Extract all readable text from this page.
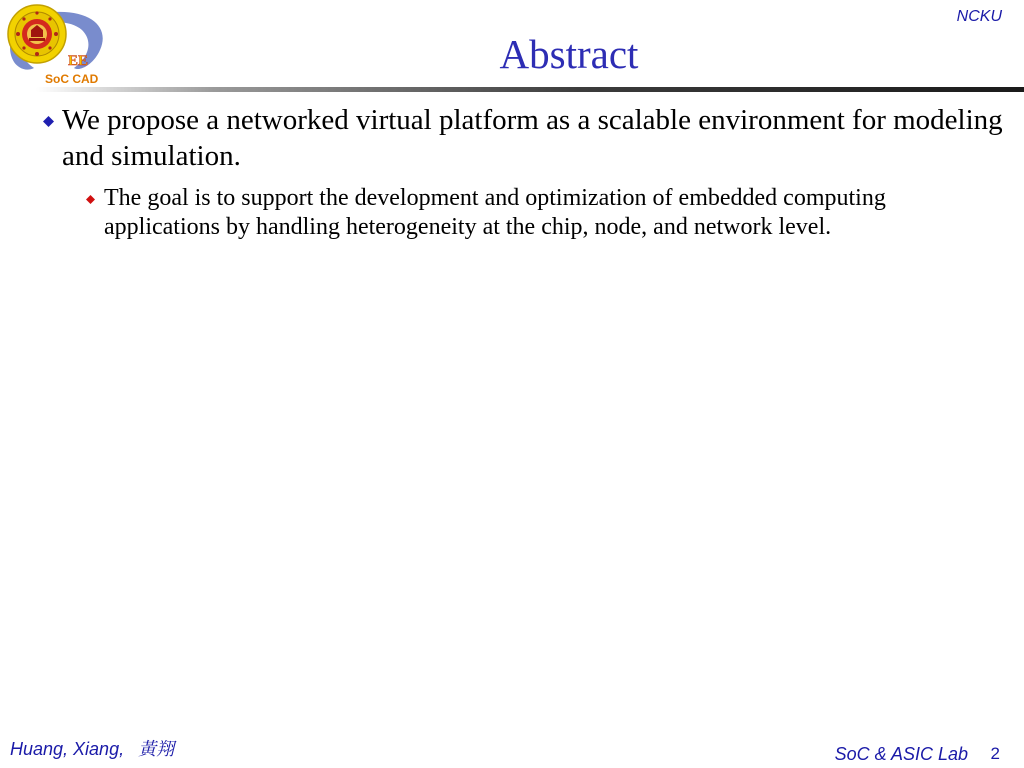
EE
SoC CAD
NCKU
Abstract
We propose a networked virtual platform as a scalable environment for modeling and simulation.
The goal is to support the development and optimization of embedded computing applications by handling heterogeneity at the chip, node, and network level.
Huang, Xiang, 黃翔	SoC & ASIC Lab 2
